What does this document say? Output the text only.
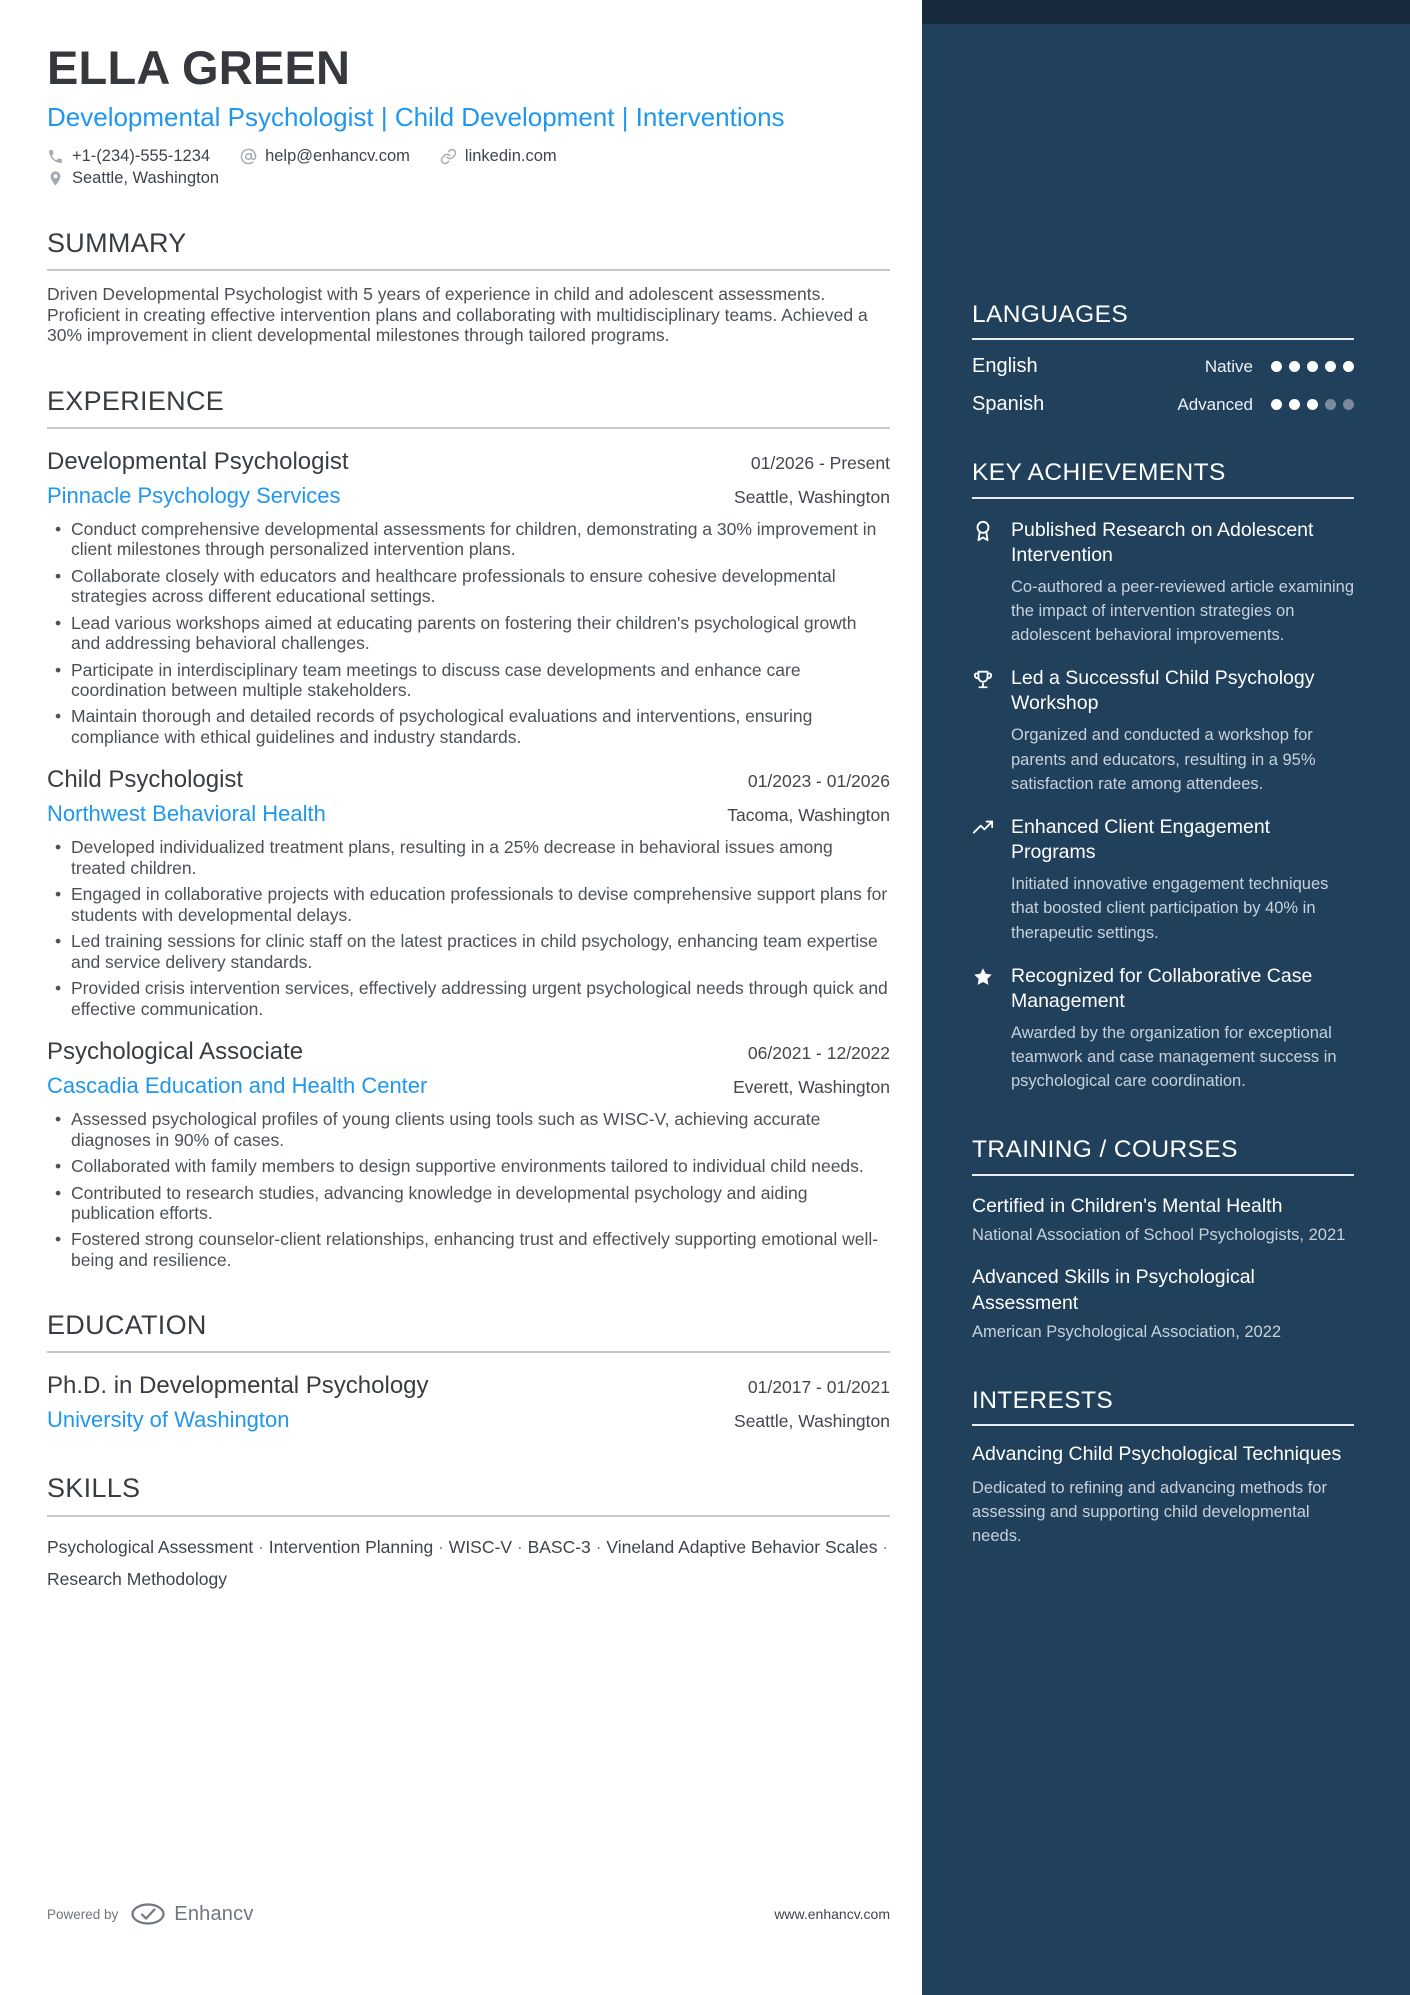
LANGUAGES
English	Native
Spanish	Advanced
KEY ACHIEVEMENTS
Published Research on Adolescent Intervention
Co-authored a peer-reviewed article examining the impact of intervention strategies on adolescent behavioral improvements.
Led a Successful Child Psychology Workshop
Organized and conducted a workshop for parents and educators, resulting in a 95% satisfaction rate among attendees.
Enhanced Client Engagement Programs
Initiated innovative engagement techniques that boosted client participation by 40% in therapeutic settings.
Recognized for Collaborative Case Management
Awarded by the organization for exceptional teamwork and case management success in psychological care coordination.
TRAINING / COURSES
Certified in Children's Mental Health
National Association of School Psychologists, 2021
Advanced Skills in Psychological Assessment
American Psychological Association, 2022
INTERESTS
Advancing Child Psychological Techniques
Dedicated to refining and advancing methods for assessing and supporting child developmental needs.
ELLA GREEN
Developmental Psychologist | Child Development | Interventions
+1-(234)-555-1234	help@enhancv.com	linkedin.com
Seattle, Washington
SUMMARY

Driven Developmental Psychologist with 5 years of experience in child and adolescent assessments. Proficient in creating effective intervention plans and collaborating with multidisciplinary teams. Achieved a 30% improvement in client developmental milestones through tailored programs.

EXPERIENCE
Developmental Psychologist	01/2026 - Present
Pinnacle Psychology Services	Seattle, Washington
• Conduct comprehensive developmental assessments for children, demonstrating a 30% improvement in client milestones through personalized intervention plans.
• Collaborate closely with educators and healthcare professionals to ensure cohesive developmental strategies across different educational settings.
• Lead various workshops aimed at educating parents on fostering their children's psychological growth and addressing behavioral challenges.
• Participate in interdisciplinary team meetings to discuss case developments and enhance care coordination between multiple stakeholders.
• Maintain thorough and detailed records of psychological evaluations and interventions, ensuring compliance with ethical guidelines and industry standards.
Child Psychologist	01/2023 - 01/2026
Northwest Behavioral Health	Tacoma, Washington
• Developed individualized treatment plans, resulting in a 25% decrease in behavioral issues among treated children.
• Engaged in collaborative projects with education professionals to devise comprehensive support plans for students with developmental delays.
• Led training sessions for clinic staff on the latest practices in child psychology, enhancing team expertise and service delivery standards.
• Provided crisis intervention services, effectively addressing urgent psychological needs through quick and effective communication.
Psychological Associate	06/2021 - 12/2022
Cascadia Education and Health Center	Everett, Washington
• Assessed psychological profiles of young clients using tools such as WISC-V, achieving accurate diagnoses in 90% of cases.
• Collaborated with family members to design supportive environments tailored to individual child needs.
• Contributed to research studies, advancing knowledge in developmental psychology and aiding publication efforts.
• Fostered strong counselor-client relationships, enhancing trust and effectively supporting emotional well-being and resilience.
EDUCATION
Ph.D. in Developmental Psychology	01/2017 - 01/2021
University of Washington	Seattle, Washington
SKILLS

Psychological Assessment · Intervention Planning · WISC-V · BASC-3 · Vineland Adaptive Behavior Scales · Research Methodology

Powered by	Enhancv	www.enhancv.com
